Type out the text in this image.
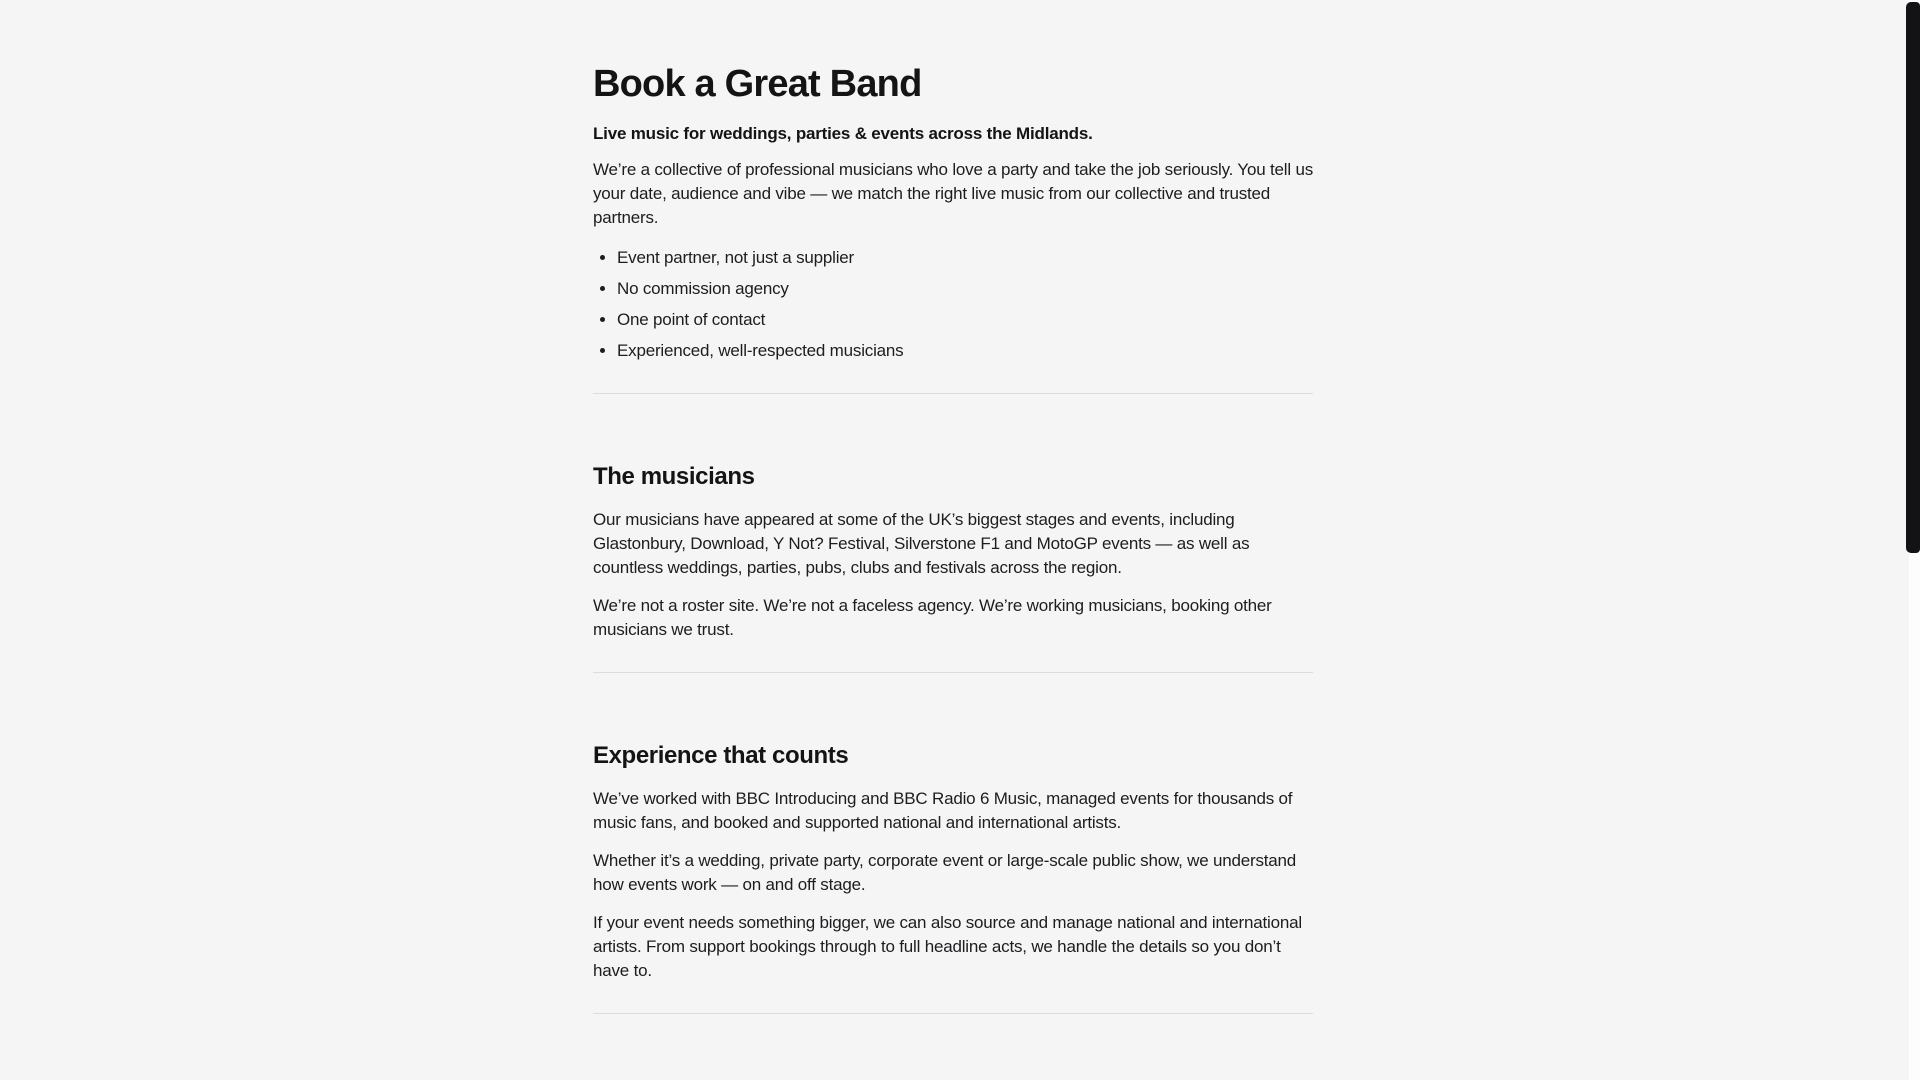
Book a Great Band

Live music for weddings, parties & events across the Midlands.

We’re a collective of professional musicians who love a party and take the job seriously. You tell us your date, audience and vibe — we match the right live music from our collective and trusted partners.

• Event partner, not just a supplier
• No commission agency
• One point of contact
• Experienced, well-respected musicians
The musicians

Our musicians have appeared at some of the UK’s biggest stages and events, including Glastonbury, Download, Y Not? Festival, Silverstone F1 and MotoGP events — as well as countless weddings, parties, pubs, clubs and festivals across the region.

We’re not a roster site. We’re not a faceless agency. We’re working musicians, booking other musicians we trust.

Experience that counts

We’ve worked with BBC Introducing and BBC Radio 6 Music, managed events for thousands of music fans, and booked and supported national and international artists.

Whether it’s a wedding, private party, corporate event or large-scale public show, we understand how events work — on and off stage.

If your event needs something bigger, we can also source and manage national and international artists. From support bookings through to full headline acts, we handle the details so you don’t have to.
